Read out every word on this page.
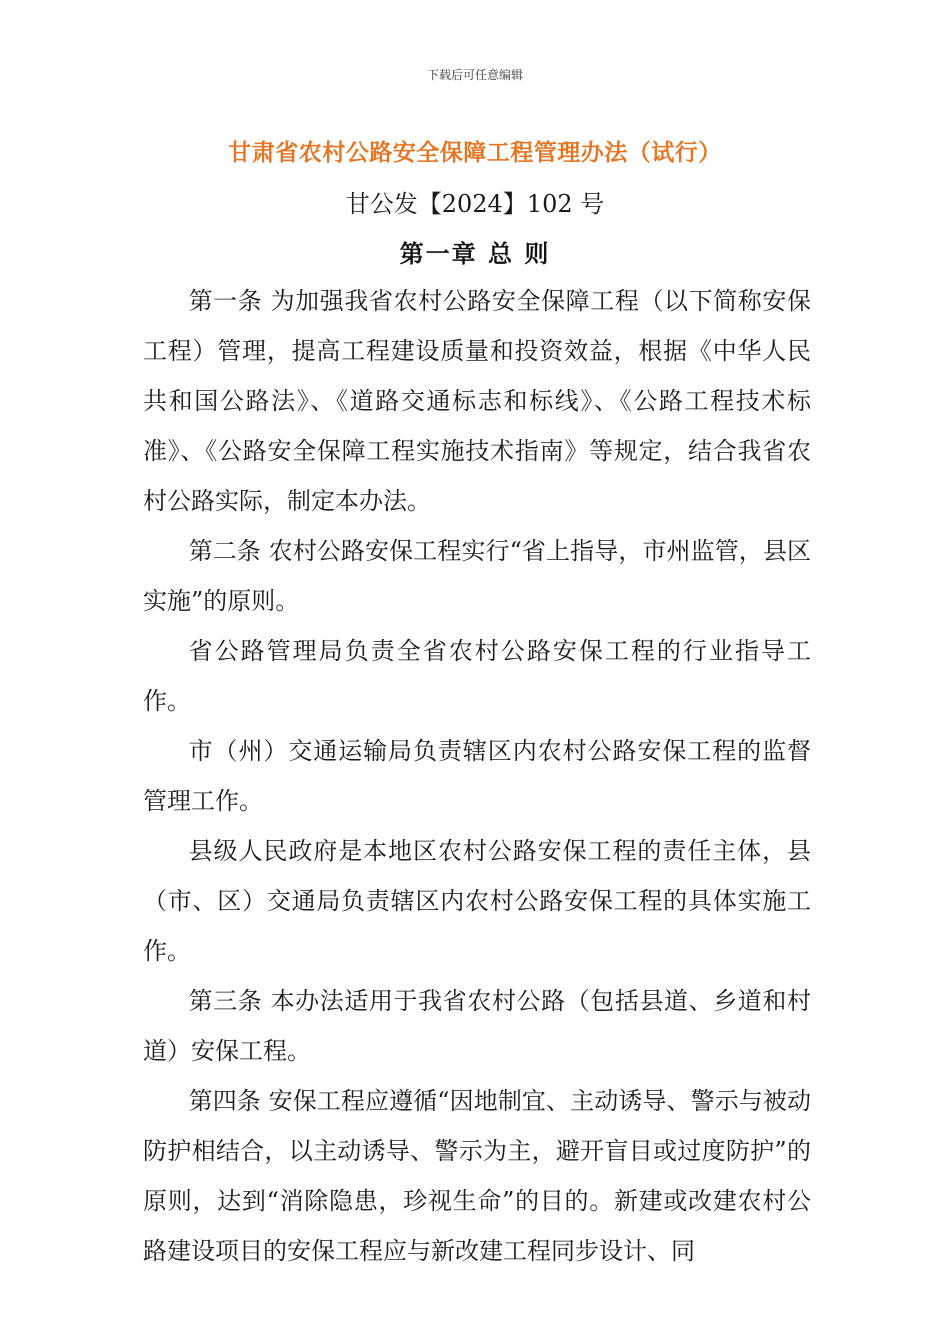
下载后可任意编辑
甘肃省农村公路安全保障工程管理办法（试行）
甘公发【2024】102 号
第一章 总 则

第一条 为加强我省农村公路安全保障工程（以下简称安保工程）管理，提高工程建设质量和投资效益，根据《中华人民共和国公路法》、《道路交通标志和标线》、《公路工程技术标准》、《公路安全保障工程实施技术指南》等规定，结合我省农村公路实际，制定本办法。

第二条 农村公路安保工程实行“省上指导，市州监管，县区实施”的原则。

省公路管理局负责全省农村公路安保工程的行业指导工作。

市（州）交通运输局负责辖区内农村公路安保工程的监督管理工作。

县级人民政府是本地区农村公路安保工程的责任主体，县（市、区）交通局负责辖区内农村公路安保工程的具体实施工作。

第三条 本办法适用于我省农村公路（包括县道、乡道和村道）安保工程。

第四条 安保工程应遵循“因地制宜、主动诱导、警示与被动防护相结合，以主动诱导、警示为主，避开盲目或过度防护”的原则，达到“消除隐患，珍视生命”的目的。新建或改建农村公路建设项目的安保工程应与新改建工程同步设计、同
